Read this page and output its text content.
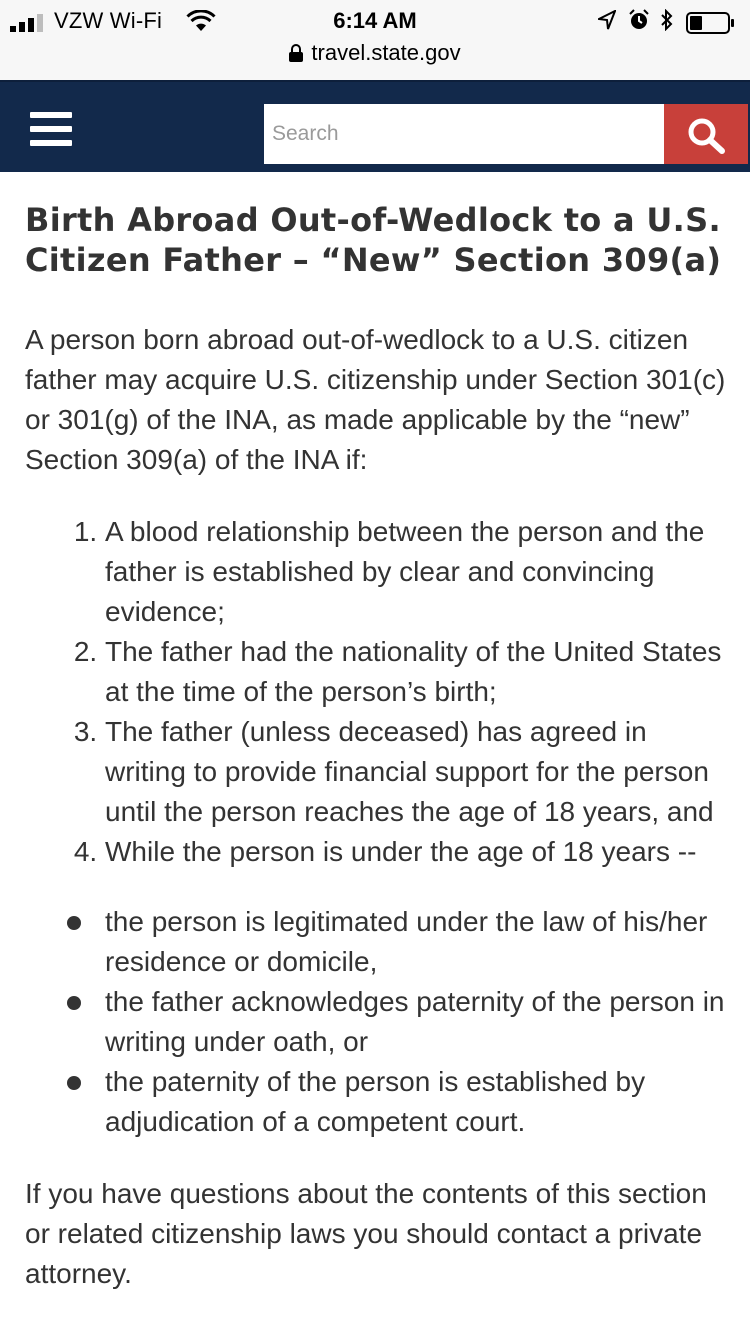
VZW Wi-Fi	6:14 AM
travel.state.gov
Search
Birth Abroad Out-of-Wedlock to a U.S. Citizen Father – “New” Section 309(a)

A person born abroad out-of-wedlock to a U.S. citizen father may acquire U.S. citizenship under Section 301(c) or 301(g) of the INA, as made applicable by the “new” Section 309(a) of the INA if:

1. A blood relationship between the person and the father is established by clear and convincing evidence;
2. The father had the nationality of the United States at the time of the person’s birth;
3. The father (unless deceased) has agreed in writing to provide financial support for the person until the person reaches the age of 18 years, and
4. While the person is under the age of 18 years --
the person is legitimated under the law of his/her residence or domicile,
the father acknowledges paternity of the person in writing under oath, or
the paternity of the person is established by adjudication of a competent court.

If you have questions about the contents of this section or related citizenship laws you should contact a private attorney.
